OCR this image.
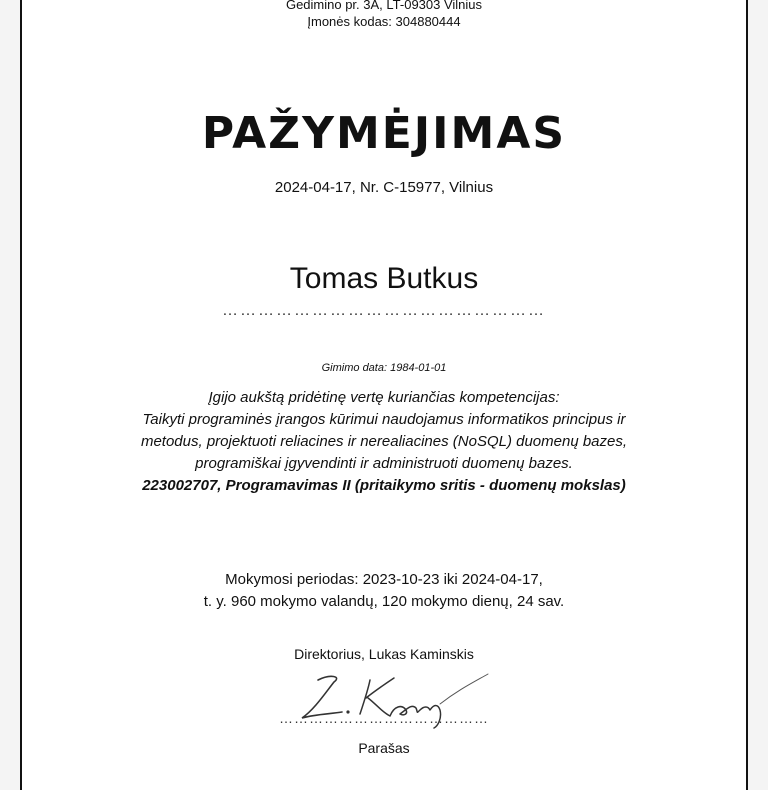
Gedimino pr. 3A, LT-09303 Vilnius
Įmonės kodas: 304880444
PAŽYMĖJIMAS
2024-04-17, Nr. C-15977, Vilnius
Tomas Butkus
………………………………………………
Gimimo data: 1984-01-01
Įgijo aukštą pridėtinę vertę kuriančias kompetencijas:
Taikyti programinės įrangos kūrimui naudojamus informatikos principus ir
metodus, projektuoti reliacines ir nerealiacines (NoSQL) duomenų bazes,
programiškai įgyvendinti ir administruoti duomenų bazes.
223002707, Programavimas II (pritaikymo sritis - duomenų mokslas)
Mokymosi periodas: 2023-10-23 iki 2024-04-17,
t. y. 960 mokymo valandų, 120 mokymo dienų, 24 sav.
Direktorius, Lukas Kaminskis
……………………………………
Parašas
